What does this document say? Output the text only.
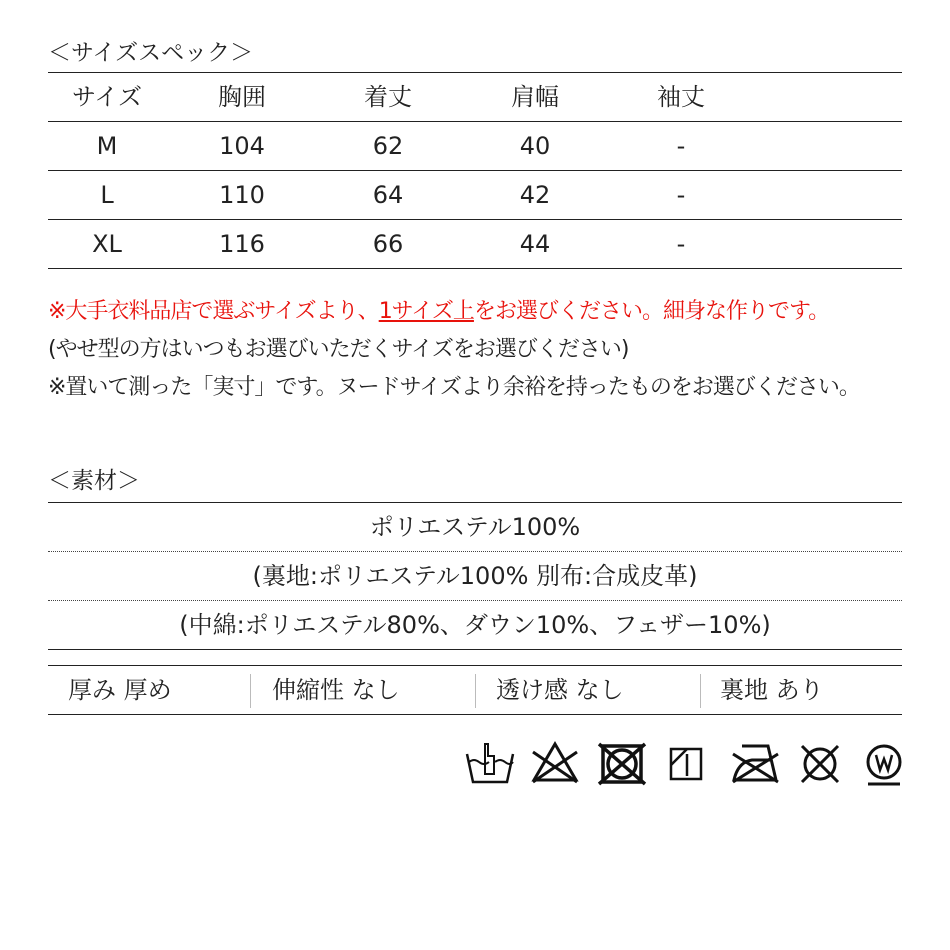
＜サイズスペック＞
サイズ	胸囲	着丈	肩幅	袖丈
M	104	62	40	-
L	110	64	42	-
XL	116	66	44	-
※大手衣料品店で選ぶサイズより、1サイズ上をお選びください。細身な作りです。
(やせ型の方はいつもお選びいただくサイズをお選びください)
※置いて測った「実寸」です。ヌードサイズより余裕を持ったものをお選びください。
＜素材＞
ポリエステル100%
(裏地:ポリエステル100% 別布:合成皮革)
(中綿:ポリエステル80%、ダウン10%、フェザー10%)
厚み 厚め	伸縮性 なし	透け感 なし	裏地 あり
